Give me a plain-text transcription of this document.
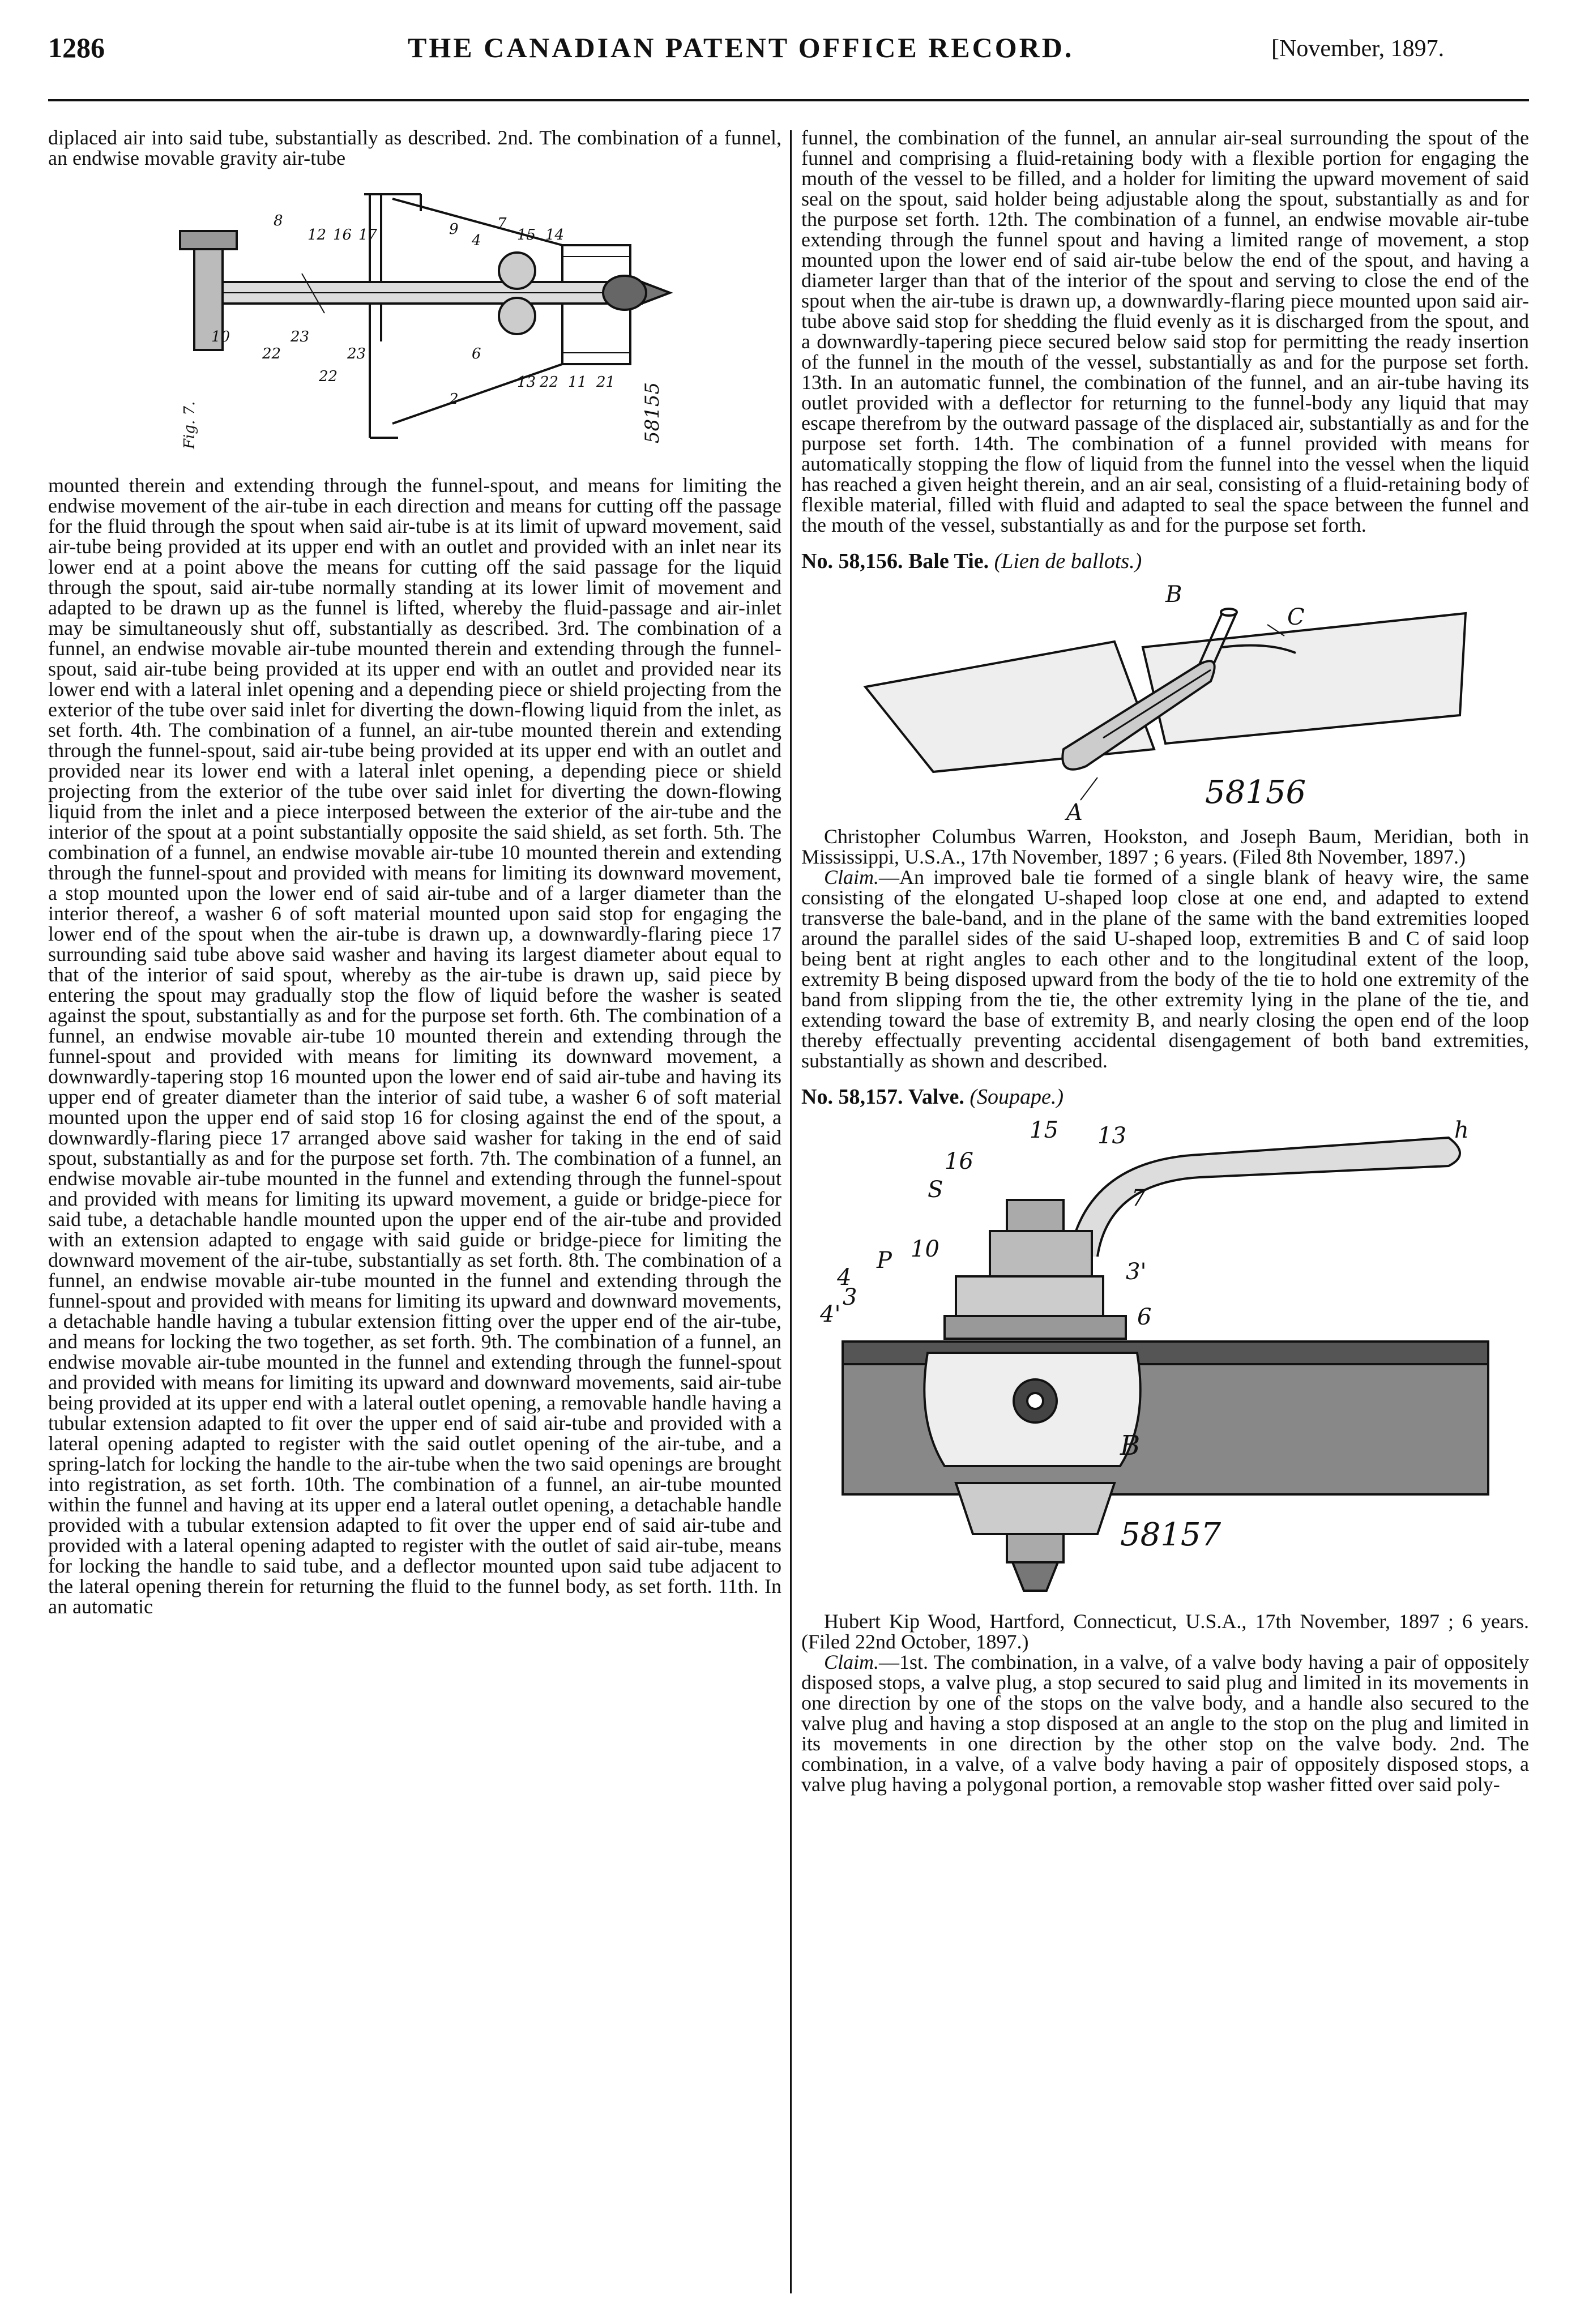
1286	THE CANADIAN PATENT OFFICE RECORD.	[November, 1897.

diplaced air into said tube, substantially as described. 2nd. The combination of a funnel, an endwise movable gravity air-tube

Fig. 7.	58155
8
10	23
17
16
12	9
4
7
15 14
6
23
22
11
22	21
2
22	13

mounted therein and extending through the funnel-spout, and means for limiting the endwise movement of the air-tube in each direction and means for cutting off the passage for the fluid through the spout when said air-tube is at its limit of upward movement, said air-tube being provided at its upper end with an outlet and provided with an inlet near its lower end at a point above the means for cutting off the said passage for the liquid through the spout, said air-tube normally standing at its lower limit of movement and adapted to be drawn up as the funnel is lifted, whereby the fluid-passage and air-inlet may be simultaneously shut off, substantially as described. 3rd. The combination of a funnel, an endwise movable air-tube mounted therein and extending through the funnel-spout, said air-tube being provided at its upper end with an outlet and provided near its lower end with a lateral inlet opening and a depending piece or shield projecting from the exterior of the tube over said inlet for diverting the down-flowing liquid from the inlet, as set forth. 4th. The combination of a funnel, an air-tube mounted therein and extending through the funnel-spout, said air-tube being provided at its upper end with an outlet and provided near its lower end with a lateral inlet opening, a depending piece or shield projecting from the exterior of the tube over said inlet for diverting the down-flowing liquid from the inlet and a piece interposed between the exterior of the air-tube and the interior of the spout at a point substantially opposite the said shield, as set forth. 5th. The combination of a funnel, an endwise movable air-tube 10 mounted therein and extending through the funnel-spout and provided with means for limiting its downward movement, a stop mounted upon the lower end of said air-tube and of a larger diameter than the interior thereof, a washer 6 of soft material mounted upon said stop for engaging the lower end of the spout when the air-tube is drawn up, a downwardly-flaring piece 17 surrounding said tube above said washer and having its largest diameter about equal to that of the interior of said spout, whereby as the air-tube is drawn up, said piece by entering the spout may gradually stop the flow of liquid before the washer is seated against the spout, substantially as and for the purpose set forth. 6th. The combination of a funnel, an endwise movable air-tube 10 mounted therein and extending through the funnel-spout and provided with means for limiting its downward movement, a downwardly-tapering stop 16 mounted upon the lower end of said air-tube and having its upper end of greater diameter than the interior of said tube, a washer 6 of soft material mounted upon the upper end of said stop 16 for closing against the end of the spout, a downwardly-flaring piece 17 arranged above said washer for taking in the end of said spout, substantially as and for the purpose set forth. 7th. The combination of a funnel, an endwise movable air-tube mounted in the funnel and extending through the funnel-spout and provided with means for limiting its upward movement, a guide or bridge-piece for said tube, a detachable handle mounted upon the upper end of the air-tube and provided with an extension adapted to engage with said guide or bridge-piece for limiting the downward movement of the air-tube, substantially as set forth. 8th. The combination of a funnel, an endwise movable air-tube mounted in the funnel and extending through the funnel-spout and provided with means for limiting its upward and downward movements, a detachable handle having a tubular extension fitting over the upper end of the air-tube, and means for locking the two together, as set forth. 9th. The combination of a funnel, an endwise movable air-tube mounted in the funnel and extending through the funnel-spout and provided with means for limiting its upward and downward movements, said air-tube being provided at its upper end with a lateral outlet opening, a removable handle having a tubular extension adapted to fit over the upper end of said air-tube and provided with a lateral opening adapted to register with the said outlet opening of the air-tube, and a spring-latch for locking the handle to the air-tube when the two said openings are brought into registration, as set forth. 10th. The combination of a funnel, an air-tube mounted within the funnel and having at its upper end a lateral outlet opening, a detachable handle provided with a tubular extension adapted to fit over the upper end of said air-tube and provided with a lateral opening adapted to register with the outlet of said air-tube, means for locking the handle to said tube, and a deflector mounted upon said tube adjacent to the lateral opening therein for returning the fluid to the funnel body, as set forth. 11th. In an automatic

funnel, the combination of the funnel, an annular air-seal surrounding the spout of the funnel and comprising a fluid-retaining body with a flexible portion for engaging the mouth of the vessel to be filled, and a holder for limiting the upward movement of said seal on the spout, said holder being adjustable along the spout, substantially as and for the purpose set forth. 12th. The combination of a funnel, an endwise movable air-tube extending through the funnel spout and having a limited range of movement, a stop mounted upon the lower end of said air-tube below the end of the spout, and having a diameter larger than that of the interior of the spout and serving to close the end of the spout when the air-tube is drawn up, a downwardly-flaring piece mounted upon said air-tube above said stop for shedding the fluid evenly as it is discharged from the spout, and a downwardly-tapering piece secured below said stop for permitting the ready insertion of the funnel in the mouth of the vessel, substantially as and for the purpose set forth. 13th. In an automatic funnel, the combination of the funnel, and an air-tube having its outlet provided with a deflector for returning to the funnel-body any liquid that may escape therefrom by the outward passage of the displaced air, substantially as and for the purpose set forth. 14th. The combination of a funnel provided with means for automatically stopping the flow of liquid from the funnel into the vessel when the liquid has reached a given height therein, and an air seal, consisting of a fluid-retaining body of flexible material, filled with fluid and adapted to seal the space between the funnel and the mouth of the vessel, substantially as and for the purpose set forth.

No. 58,156. Bale Tie. (Lien de ballots.)
B
C
A
58156

Christopher Columbus Warren, Hookston, and Joseph Baum, Meridian, both in Mississippi, U.S.A., 17th November, 1897 ; 6 years. (Filed 8th November, 1897.)

Claim.—An improved bale tie formed of a single blank of heavy wire, the same consisting of the elongated U-shaped loop close at one end, and adapted to extend transverse the bale-band, and in the plane of the same with the band extremities looped around the parallel sides of the said U-shaped loop, extremities B and C of said loop being bent at right angles to each other and to the longitudinal extent of the loop, extremity B being disposed upward from the body of the tie to hold one extremity of the band from slipping from the tie, the other extremity lying in the plane of the tie, and extending toward the base of extremity B, and nearly closing the open end of the loop thereby effectually preventing accidental disengagement of both band extremities, substantially as shown and described.

No. 58,157. Valve. (Soupape.)
15 13
16
h
S	7
P 10
4	3'
3
6
4'
B
58157

Hubert Kip Wood, Hartford, Connecticut, U.S.A., 17th November, 1897 ; 6 years. (Filed 22nd October, 1897.)

Claim.—1st. The combination, in a valve, of a valve body having a pair of oppositely disposed stops, a valve plug, a stop secured to said plug and limited in its movements in one direction by one of the stops on the valve body, and a handle also secured to the valve plug and having a stop disposed at an angle to the stop on the plug and limited in its movements in one direction by the other stop on the valve body. 2nd. The combination, in a valve, of a valve body having a pair of oppositely disposed stops, a valve plug having a polygonal portion, a removable stop washer fitted over said poly-
